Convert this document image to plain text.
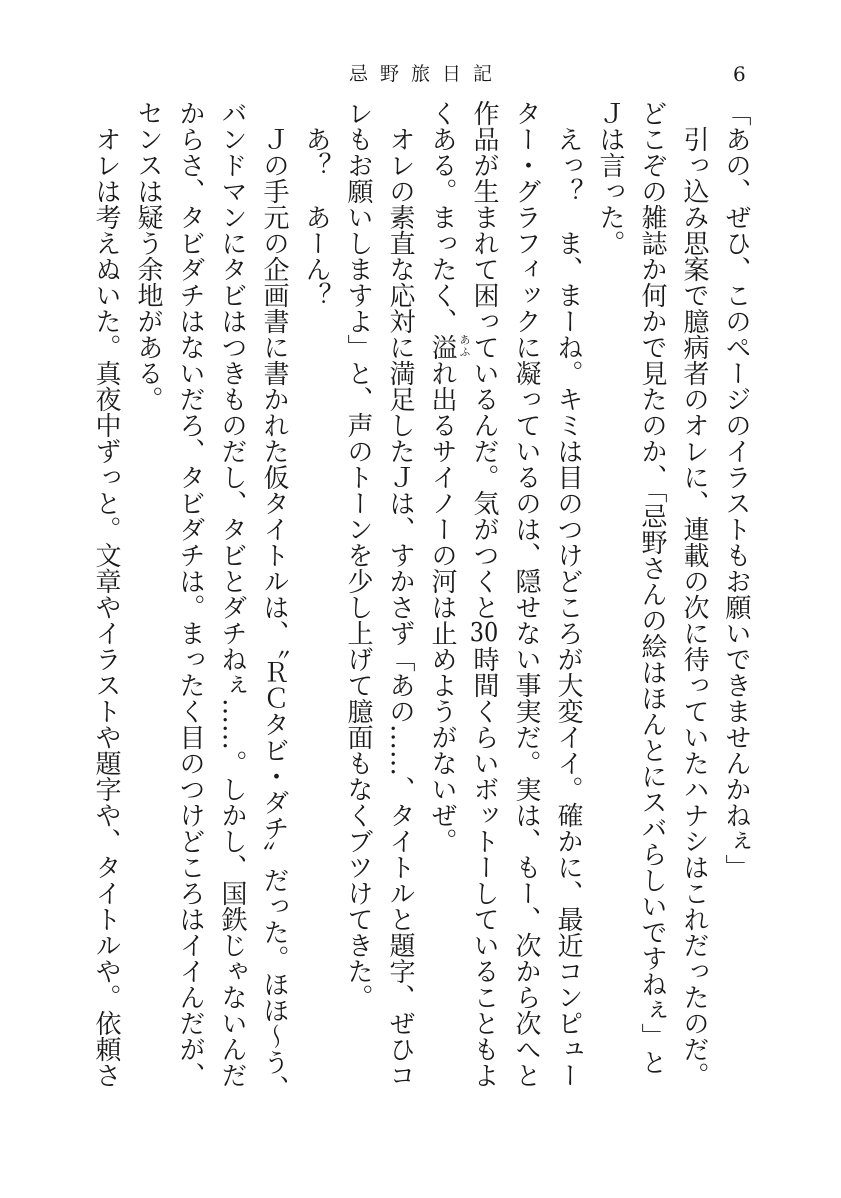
忌野旅日記	6
「あの、ぜひ、このページのイラストもお願いできませんかねぇ」
　引っ込み思案で臆病者のオレに、連載の次に待っていたハナシはこれだったのだ。
どこぞの雑誌か何かで見たのか、「忌野さんの絵はほんとにスバらしいですねぇ」と
Ｊは言った。
　えっ？　ま、まーね。キミは目のつけどころが大変イイ。確かに、最近コンピュー
ター・グラフィックに凝っているのは、隠せない事実だ。実は、もー、次から次へと
作品が生まれて困っているんだ。気がつくと30時間くらいボットーしていることもよ
くある。まったく、溢 あふ
れ出るサイノーの河は止めようがないぜ。
　オレの素直な応対に満足したＪは、すかさず「あの……、タイトルと題字、ぜひコ
レもお願いしますよ」と、声のトーンを少し上げて臆面もなくブツけてきた。
　あ？　あーん？
　Ｊの手元の企画書に書かれた仮タイトルは、〝ＲＣタビ・ダチ〟だった。ほほ～う、
バンドマンにタビはつきものだし、タビとダチねぇ……。しかし、国鉄じゃないんだ
からさ、タビダチはないだろ、タビダチは。まったく目のつけどころはイイんだが、
センスは疑う余地がある。
　オレは考えぬいた。真夜中ずっと。文章やイラストや題字や、タイトルや。依頼さ
